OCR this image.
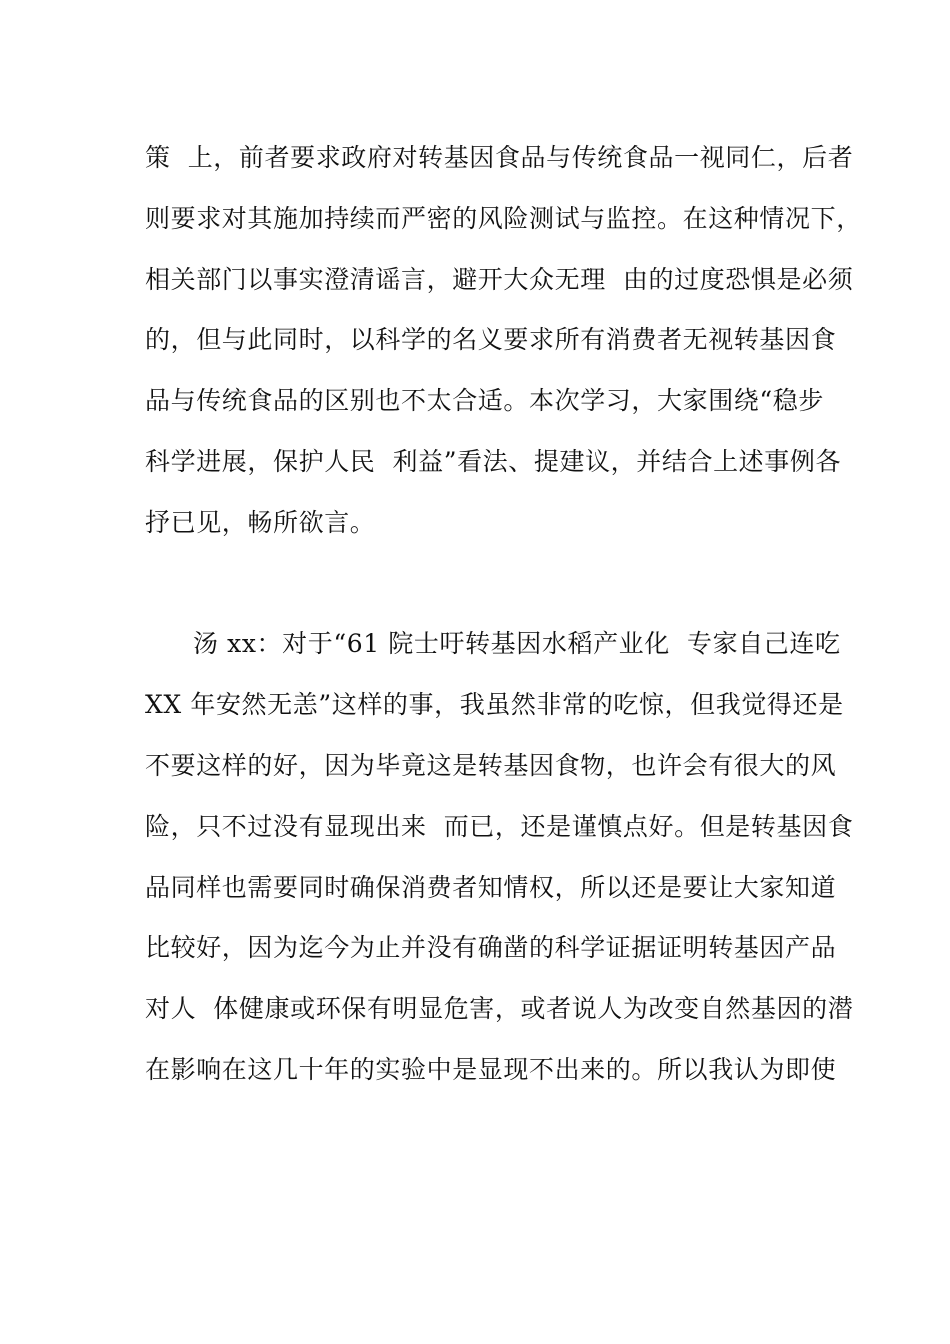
策  上，前者要求政府对转基因食品与传统食品一视同仁，后者
则要求对其施加持续而严密的风险测试与监控。在这种情况下，
相关部门以事实澄清谣言，避开大众无理  由的过度恐惧是必须
的，但与此同时，以科学的名义要求所有消费者无视转基因食
品与传统食品的区别也不太合适。本次学习，大家围绕“稳步
科学进展，保护人民  利益”看法、提建议，并结合上述事例各
抒已见，畅所欲言。
汤 xx：对于“61 院士吁转基因水稻产业化  专家自己连吃
XX 年安然无恙”这样的事，我虽然非常的吃惊，但我觉得还是
不要这样的好，因为毕竟这是转基因食物，也许会有很大的风
险，只不过没有显现出来  而已，还是谨慎点好。但是转基因食
品同样也需要同时确保消费者知情权，所以还是要让大家知道
比较好，因为迄今为止并没有确凿的科学证据证明转基因产品
对人  体健康或环保有明显危害，或者说人为改变自然基因的潜
在影响在这几十年的实验中是显现不出来的。所以我认为即使
